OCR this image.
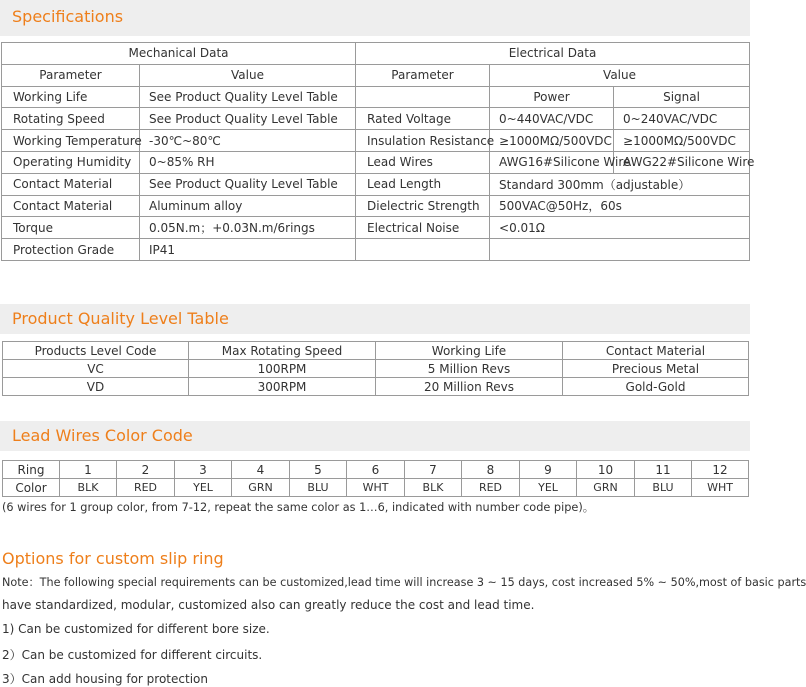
Specifications
Mechanical Data		Electrical Data		
Parameter	Value	Parameter	Value	
Working Life	See Product Quality Level Table		Power	Signal
Rotating Speed	See Product Quality Level Table	Rated Voltage	0~440VAC/VDC	0~240VAC/VDC
Working Temperature	-30℃~80℃	Insulation Resistance	≥1000MΩ/500VDC	≥1000MΩ/500VDC
Operating Humidity	0~85% RH	Lead Wires	AWG16#Silicone Wire	AWG22#Silicone Wire
Contact Material	See Product Quality Level Table	Lead Length	Standard 300mm（adjustable）	
Contact Material	Aluminum alloy	Dielectric Strength	500VAC@50Hz，60s	
Torque	0.05N.m；+0.03N.m/6rings	Electrical Noise	<0.01Ω	
Protection Grade	IP41			
Product Quality Level Table
Products Level Code	Max Rotating Speed	Working Life	Contact Material
VC	100RPM	5 Million Revs	Precious Metal
VD	300RPM	20 Million Revs	Gold-Gold
Lead Wires Color Code
Ring	1	2	3	4	5	6	7	8	9	10	11	12
Color	BLK	RED	YEL	GRN	BLU	WHT	BLK	RED	YEL	GRN	BLU	WHT
(6 wires for 1 group color, from 7-12, repeat the same color as 1…6, indicated with number code pipe)。
Options for custom slip ring
Note：The following special requirements can be customized,lead time will increase 3 ~ 15 days, cost increased 5% ~ 50%,most of basic parts
have standardized, modular, customized also can greatly reduce the cost and lead time.
1) Can be customized for different bore size.
2）Can be customized for different circuits.
3）Can add housing for protection
